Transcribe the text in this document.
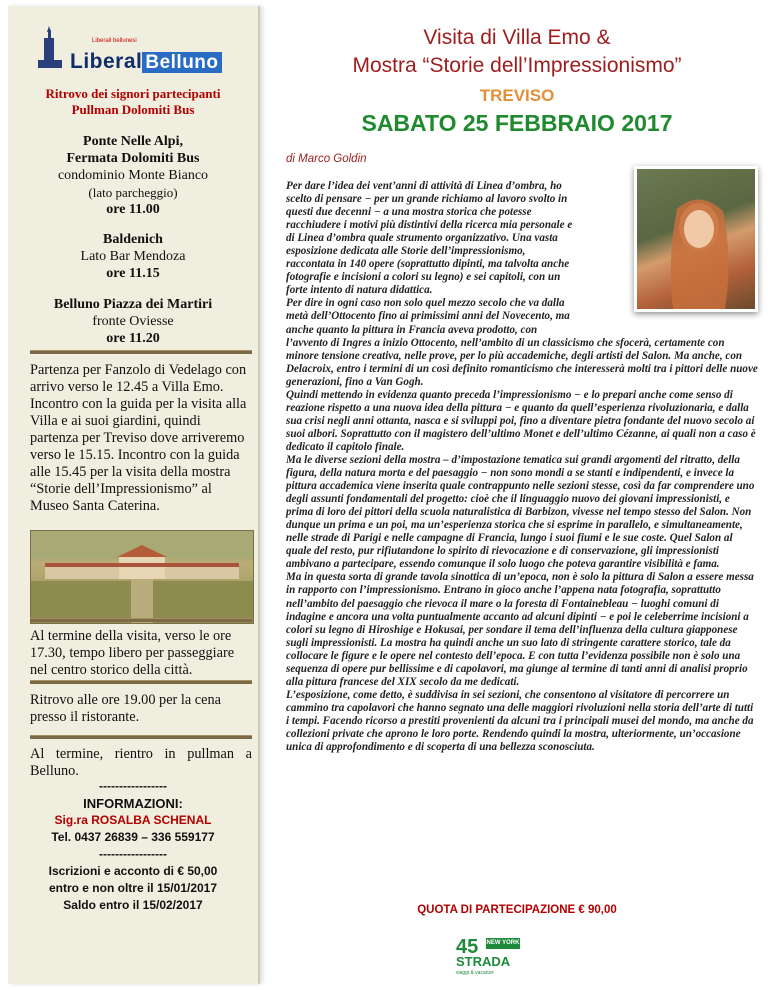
Liberali bellunesi
Liberal Belluno
Ritrovo dei signori partecipanti
Pullman Dolomiti Bus
Ponte Nelle Alpi,
Fermata Dolomiti Bus
condominio Monte Bianco
(lato parcheggio)
ore 11.00
Baldenich
Lato Bar Mendoza
ore 11.15
Belluno Piazza dei Martiri
fronte Oviesse
ore 11.20
Partenza per Fanzolo di Vedelago con arrivo verso le 12.45 a Villa Emo. Incontro con la guida per la visita alla Villa e ai suoi giardini, quindi partenza per Treviso dove arriveremo verso le 15.15. Incontro con la guida alle 15.45 per la visita della mostra “Storie dell’Impressionismo” al Museo Santa Caterina.
Al termine della visita, verso le ore 17.30, tempo libero per passeggiare nel centro storico della città.
Ritrovo alle ore 19.00 per la cena presso il ristorante.
Al termine, rientro in pullman a Belluno.
-----------------
INFORMAZIONI:
Sig.ra ROSALBA SCHENAL
Tel. 0437 26839 – 336 559177
-----------------
Iscrizioni e acconto di € 50,00
entro e non oltre il 15/01/2017
Saldo entro il 15/02/2017
Visita di Villa Emo &
Mostra “Storie dell’Impressionismo”
TREVISO
SABATO 25 FEBBRAIO 2017
di Marco Goldin

Per dare l’idea dei vent’anni di attività di Linea d’ombra, ho scelto di pensare − per un grande richiamo al lavoro svolto in questi due decenni − a una mostra storica che potesse racchiudere i motivi più distintivi della ricerca mia personale e di Linea d’ombra quale strumento organizzativo. Una vasta esposizione dedicata alle Storie dell’impressionismo, raccontata in 140 opere (soprattutto dipinti, ma talvolta anche fotografie e incisioni a colori su legno) e sei capitoli, con un forte intento di natura didattica.

Per dire in ogni caso non solo quel mezzo secolo che va dalla metà dell’Ottocento fino ai primissimi anni del Novecento, ma anche quanto la pittura in Francia aveva prodotto, con l’avvento di Ingres a inizio Ottocento, nell’ambito di un classicismo che sfocerà, certamente con minore tensione creativa, nelle prove, per lo più accademiche, degli artisti del Salon. Ma anche, con Delacroix, entro i termini di un così definito romanticismo che interesserà molti tra i pittori delle nuove generazioni, fino a Van Gogh.

Quindi mettendo in evidenza quanto preceda l’impressionismo − e lo prepari anche come senso di reazione rispetto a una nuova idea della pittura − e quanto da quell’esperienza rivoluzionaria, e dalla sua crisi negli anni ottanta, nasca e si sviluppi poi, fino a diventare pietra fondante del nuovo secolo ai suoi albori. Soprattutto con il magistero dell’ultimo Monet e dell’ultimo Cézanne, ai quali non a caso è dedicato il capitolo finale.

Ma le diverse sezioni della mostra – d’impostazione tematica sui grandi argomenti del ritratto, della figura, della natura morta e del paesaggio − non sono mondi a se stanti e indipendenti, e invece la pittura accademica viene inserita quale contrappunto nelle sezioni stesse, così da far comprendere uno degli assunti fondamentali del progetto: cioè che il linguaggio nuovo dei giovani impressionisti, e prima di loro dei pittori della scuola naturalistica di Barbizon, vivesse nel tempo stesso del Salon. Non dunque un prima e un poi, ma un’esperienza storica che si esprime in parallelo, e simultaneamente, nelle strade di Parigi e nelle campagne di Francia, lungo i suoi fiumi e le sue coste. Quel Salon al quale del resto, pur rifiutandone lo spirito di rievocazione e di conservazione, gli impressionisti ambivano a partecipare, essendo comunque il solo luogo che poteva garantire visibilità e fama.

Ma in questa sorta di grande tavola sinottica di un’epoca, non è solo la pittura di Salon a essere messa in rapporto con l’impressionismo. Entrano in gioco anche l’appena nata fotografia, soprattutto nell’ambito del paesaggio che rievoca il mare o la foresta di Fontainebleau − luoghi comuni di indagine e ancora una volta puntualmente accanto ad alcuni dipinti − e poi le celeberrime incisioni a colori su legno di Hiroshige e Hokusai, per sondare il tema dell’influenza della cultura giapponese sugli impressionisti. La mostra ha quindi anche un suo lato di stringente carattere storico, tale da collocare le figure e le opere nel contesto dell’epoca. E con tutta l’evidenza possibile non è solo una sequenza di opere pur bellissime e di capolavori, ma giunge al termine di tanti anni di analisi proprio alla pittura francese del XIX secolo da me dedicati.

L’esposizione, come detto, è suddivisa in sei sezioni, che consentono al visitatore di percorrere un cammino tra capolavori che hanno segnato una delle maggiori rivoluzioni nella storia dell’arte di tutti i tempi. Facendo ricorso a prestiti provenienti da alcuni tra i principali musei del mondo, ma anche da collezioni private che aprono le loro porte. Rendendo quindi la mostra, ulteriormente, un’occasione unica di approfondimento e di scoperta di una bellezza sconosciuta.

QUOTA DI PARTECIPAZIONE € 90,00
45 NEW YORK
STRADA
viaggi & vacanze
